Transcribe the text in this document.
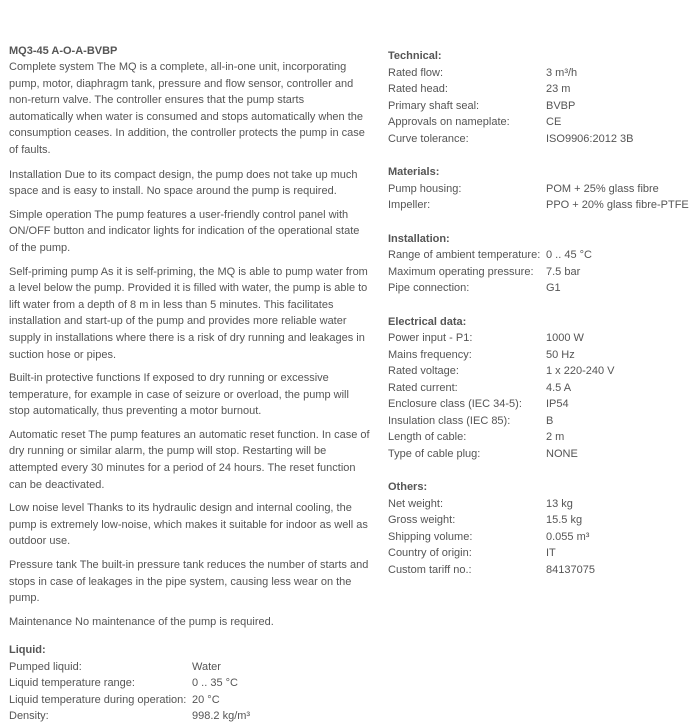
MQ3-45 A-O-A-BVBP

Complete system The MQ is a complete, all-in-one unit, incorporating pump, motor, diaphragm tank, pressure and flow sensor, controller and non-return valve. The controller ensures that the pump starts automatically when water is consumed and stops automatically when the consumption ceases. In addition, the controller protects the pump in case of faults.

Installation Due to its compact design, the pump does not take up much space and is easy to install. No space around the pump is required.

Simple operation The pump features a user-friendly control panel with ON/OFF button and indicator lights for indication of the operational state of the pump.

Self-priming pump As it is self-priming, the MQ is able to pump water from a level below the pump. Provided it is filled with water, the pump is able to lift water from a depth of 8 m in less than 5 minutes. This facilitates installation and start-up of the pump and provides more reliable water supply in installations where there is a risk of dry running and leakages in suction hose or pipes.

Built-in protective functions If exposed to dry running or excessive temperature, for example in case of seizure or overload, the pump will stop automatically, thus preventing a motor burnout.

Automatic reset The pump features an automatic reset function. In case of dry running or similar alarm, the pump will stop. Restarting will be attempted every 30 minutes for a period of 24 hours. The reset function can be deactivated.

Low noise level Thanks to its hydraulic design and internal cooling, the pump is extremely low-noise, which makes it suitable for indoor as well as outdoor use.

Pressure tank The built-in pressure tank reduces the number of starts and stops in case of leakages in the pipe system, causing less wear on the pump.

Maintenance No maintenance of the pump is required.

Liquid:
Pumped liquid:	Water
Liquid temperature range:	0 .. 35 °C
Liquid temperature during operation:	20 °C
Density:	998.2 kg/m³
Technical:
Rated flow:	3 m³/h
Rated head:	23 m
Primary shaft seal:	BVBP
Approvals on nameplate:	CE
Curve tolerance:	ISO9906:2012 3B
Materials:
Pump housing:	POM + 25% glass fibre
Impeller:	PPO + 20% glass fibre-PTFE
Installation:
Range of ambient temperature:	0 .. 45 °C
Maximum operating pressure:	7.5 bar
Pipe connection:	G1
Electrical data:
Power input - P1:	1000 W
Mains frequency:	50 Hz
Rated voltage:	1 x 220-240 V
Rated current:	4.5 A
Enclosure class (IEC 34-5):	IP54
Insulation class (IEC 85):	B
Length of cable:	2 m
Type of cable plug:	NONE
Others:
Net weight:	13 kg
Gross weight:	15.5 kg
Shipping volume:	0.055 m³
Country of origin:	IT
Custom tariff no.:	84137075
